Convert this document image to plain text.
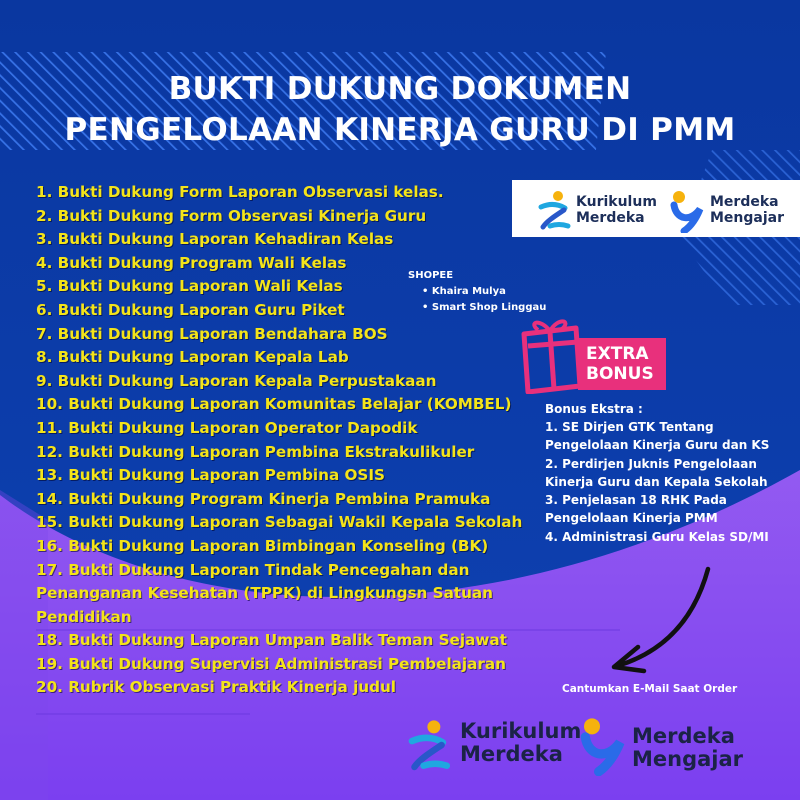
BUKTI DUKUNG DOKUMEN
PENGELOLAAN KINERJA GURU DI PMM
1. Bukti Dukung Form Laporan Observasi kelas.
2. Bukti Dukung Form Observasi Kinerja Guru
3. Bukti Dukung Laporan Kehadiran Kelas
4. Bukti Dukung Program Wali Kelas
5. Bukti Dukung Laporan Wali Kelas
6. Bukti Dukung Laporan Guru Piket
7. Bukti Dukung Laporan Bendahara BOS
8. Bukti Dukung Laporan Kepala Lab
9. Bukti Dukung Laporan Kepala Perpustakaan
10. Bukti Dukung Laporan Komunitas Belajar (KOMBEL)
11. Bukti Dukung Laporan Operator Dapodik
12. Bukti Dukung Laporan Pembina Ekstrakulikuler
13. Bukti Dukung Laporan Pembina OSIS
14. Bukti Dukung Program Kinerja Pembina Pramuka
15. Bukti Dukung Laporan Sebagai Wakil Kepala Sekolah
16. Bukti Dukung Laporan Bimbingan Konseling (BK)
17. Bukti Dukung Laporan Tindak Pencegahan dan Penanganan Kesehatan (TPPK) di Lingkungsn Satuan Pendidikan
18. Bukti Dukung Laporan Umpan Balik Teman Sejawat
19. Bukti Dukung Supervisi Administrasi Pembelajaran
20. Rubrik Observasi Praktik Kinerja judul
Kurikulum
Merdeka
Merdeka
Mengajar
SHOPEE
• Khaira Mulya
• Smart Shop Linggau
EXTRA
BONUS
Bonus Ekstra :
1. SE Dirjen GTK Tentang Pengelolaan Kinerja Guru dan KS
2. Perdirjen Juknis Pengelolaan Kinerja Guru dan Kepala Sekolah
3. Penjelasan 18 RHK Pada Pengelolaan Kinerja PMM
4. Administrasi Guru Kelas SD/MI
Cantumkan E-Mail Saat Order
Kurikulum
Merdeka
Merdeka
Mengajar
